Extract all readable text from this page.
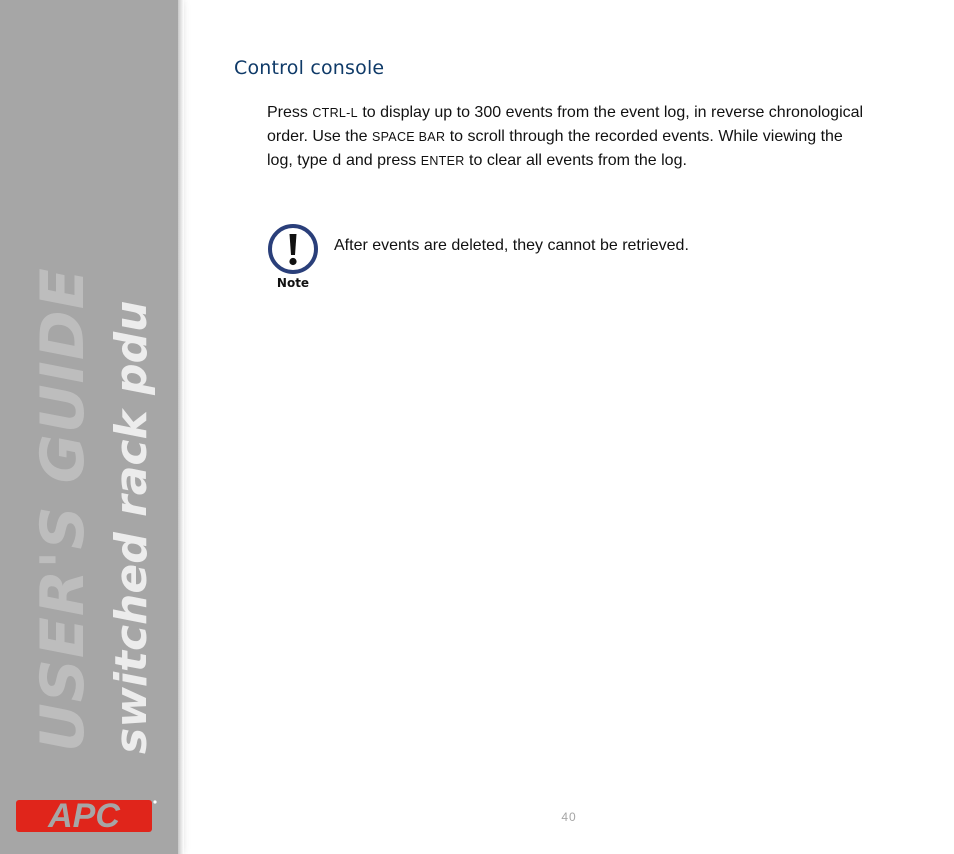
USER'S GUIDE switched rack pdu
APC
Control console

Press CTRL-L to display up to 300 events from the event log, in reverse chronological order. Use the SPACE BAR to scroll through the recorded events. While viewing the log, type d and press ENTER to clear all events from the log.

Note

After events are deleted, they cannot be retrieved.

40
